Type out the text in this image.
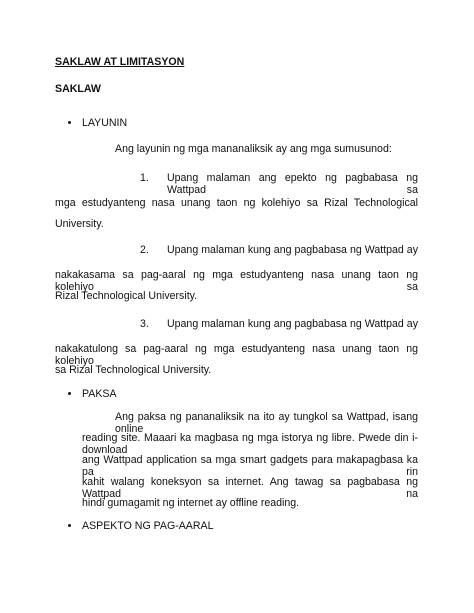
SAKLAW AT LIMITASYON
SAKLAW
LAYUNIN
Ang layunin ng mga mananaliksik ay ang mga sumusunod:
1. Upang malaman ang epekto ng pagbabasa ng Wattpad sa
mga estudyanteng nasa unang taon ng kolehiyo sa Rizal Technological
University.
2. Upang malaman kung ang pagbabasa ng Wattpad ay
nakakasama sa pag-aaral ng mga estudyanteng nasa unang taon ng kolehiyo sa
Rizal Technological University.
3. Upang malaman kung ang pagbabasa ng Wattpad ay
nakakatulong sa pag-aaral ng mga estudyanteng nasa unang taon ng kolehiyo
sa Rizal Technological University.
PAKSA
Ang paksa ng pananaliksik na ito ay tungkol sa Wattpad, isang online
reading site. Maaari ka magbasa ng mga istorya ng libre. Pwede din i-download
ang Wattpad application sa mga smart gadgets para makapagbasa ka pa rin
kahit walang koneksyon sa internet. Ang tawag sa pagbabasa ng Wattpad na
hindi gumagamit ng internet ay offline reading.
ASPEKTO NG PAG-AARAL
